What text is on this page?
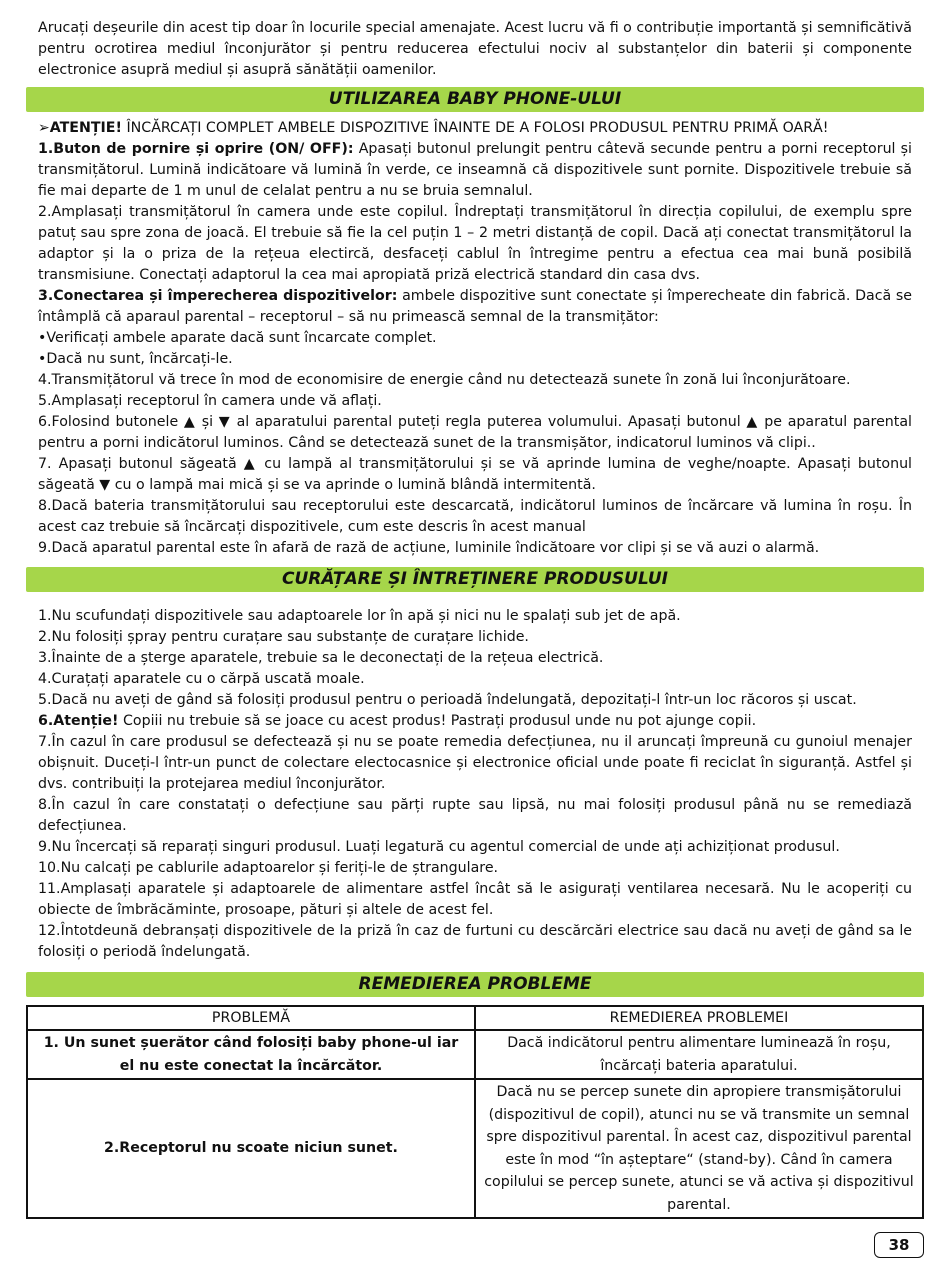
Arucați deșeurile din acest tip doar în locurile special amenajate. Acest lucru vă fi o contribuție importantă și semnificătivă pentru ocrotirea mediul înconjurător și pentru reducerea efectului nociv al substanțelor din baterii și componente electronice asupră mediul și asupră sănătății oamenilor.

UTILIZAREA BABY PHONE-ULUI

➢ATENȚIE! ÎNCĂRCAȚI COMPLET AMBELE DISPOZITIVE ÎNAINTE DE A FOLOSI PRODUSUL PENTRU PRIMĂ OARĂ!

1.Buton de pornire și oprire (ON/ OFF): Apasați butonul prelungit pentru câtevă secunde pentru a porni receptorul și transmițătorul. Lumină indicătoare vă lumină în verde, ce inseamnă că dispozitivele sunt pornite. Dispozitivele trebuie să fie mai departe de 1 m unul de celalat pentru a nu se bruia semnalul.

2.Amplasați transmițătorul în camera unde este copilul. Îndreptați transmițătorul în direcția copilului, de exemplu spre patuț sau spre zona de joacă. El trebuie să fie la cel puțin 1 – 2 metri distanță de copil. Dacă ați conectat transmițătorul la adaptor și la o priza de la rețeua electircă, desfaceți cablul în întregime pentru a efectua cea mai bună posibilă transmisiune. Conectați adaptorul la cea mai apropiată priză electrică standard din casa dvs.

3.Conectarea și împerecherea dispozitivelor: ambele dispozitive sunt conectate și împerecheate din fabrică. Dacă se întâmplă că aparaul parental – receptorul – să nu primească semnal de la transmițător:

•Verificați ambele aparate dacă sunt încarcate complet.

•Dacă nu sunt, încărcați-le.

4.Transmițătorul vă trece în mod de economisire de energie când nu detectează sunete în zonă lui înconjurătoare.

5.Amplasați receptorul în camera unde vă aflați.

6.Folosind butonele ▲ și ▼ al aparatului parental puteți regla puterea volumului. Apasați butonul ▲ pe aparatul parental pentru a porni indicătorul luminos. Când se detectează sunet de la transmișător, indicatorul luminos vă clipi..

7. Apasați butonul săgeată ▲ cu lampă al transmițătorului și se vă aprinde lumina de veghe/noapte. Apasați butonul săgeată ▼ cu o lampă mai mică și se va aprinde o lumină blândă intermitentă.

8.Dacă bateria transmițătorului sau receptorului este descarcată, indicătorul luminos de încărcare vă lumina în roșu. În acest caz trebuie să încărcați dispozitivele, cum este descris în acest manual

9.Dacă aparatul parental este în afară de rază de acțiune, luminile îndicătoare vor clipi și se vă auzi o alarmă.

CURĂȚARE ȘI ÎNTREȚINERE PRODUSULUI

1.Nu scufundați dispozitivele sau adaptoarele lor în apă și nici nu le spalați sub jet de apă.

2.Nu folosiți șpray pentru curațare sau substanțe de curațare lichide.

3.Înainte de a șterge aparatele, trebuie sa le deconectați de la rețeua electrică.

4.Curațați aparatele cu o cărpă uscată moale.

5.Dacă nu aveți de gând să folosiți produsul pentru o perioadă îndelungată, depozitați-l într-un loc răcoros și uscat.

6.Atenție! Copiii nu trebuie să se joace cu acest produs! Pastrați produsul unde nu pot ajunge copii.

7.În cazul în care produsul se defectează și nu se poate remedia defecțiunea, nu il aruncați împreună cu gunoiul menajer obișnuit. Duceți-l într-un punct de colectare electocasnice și electronice oficial unde poate fi reciclat în siguranță. Astfel și dvs. contribuiți la protejarea mediul înconjurător.

8.În cazul în care constatați o defecțiune sau părți rupte sau lipsă, nu mai folosiți produsul până nu se remediază defecțiunea.

9.Nu încercați să reparați singuri produsul. Luați legatură cu agentul comercial de unde ați achiziționat produsul.

10.Nu calcați pe cablurile adaptoarelor și feriți-le de ștrangulare.

11.Amplasați aparatele și adaptoarele de alimentare astfel încât să le asigurați ventilarea necesară. Nu le acoperiți cu obiecte de îmbrăcăminte, prosoape, pături și altele de acest fel.

12.Întotdeună debranșați dispozitivele de la priză în caz de furtuni cu descărcări electrice sau dacă nu aveți de gând sa le folosiți o periodă îndelungată.

REMEDIEREA PROBLEME
PROBLEMĂ	REMEDIEREA PROBLEMEI
1. Un sunet șuerător când folosiți baby phone-ul iar el nu este conectat la încărcător.	Dacă indicătorul pentru alimentare luminează în roșu, încărcați bateria aparatului.
2.Receptorul nu scoate niciun sunet.	Dacă nu se percep sunete din apropiere transmișătorului (dispozitivul de copil), atunci nu se vă transmite un semnal spre dispozitivul parental. În acest caz, dispozitivul parental este în mod “în așteptare“ (stand-by). Când în camera copilului se percep sunete, atunci se vă activa și dispozitivul parental.
38
